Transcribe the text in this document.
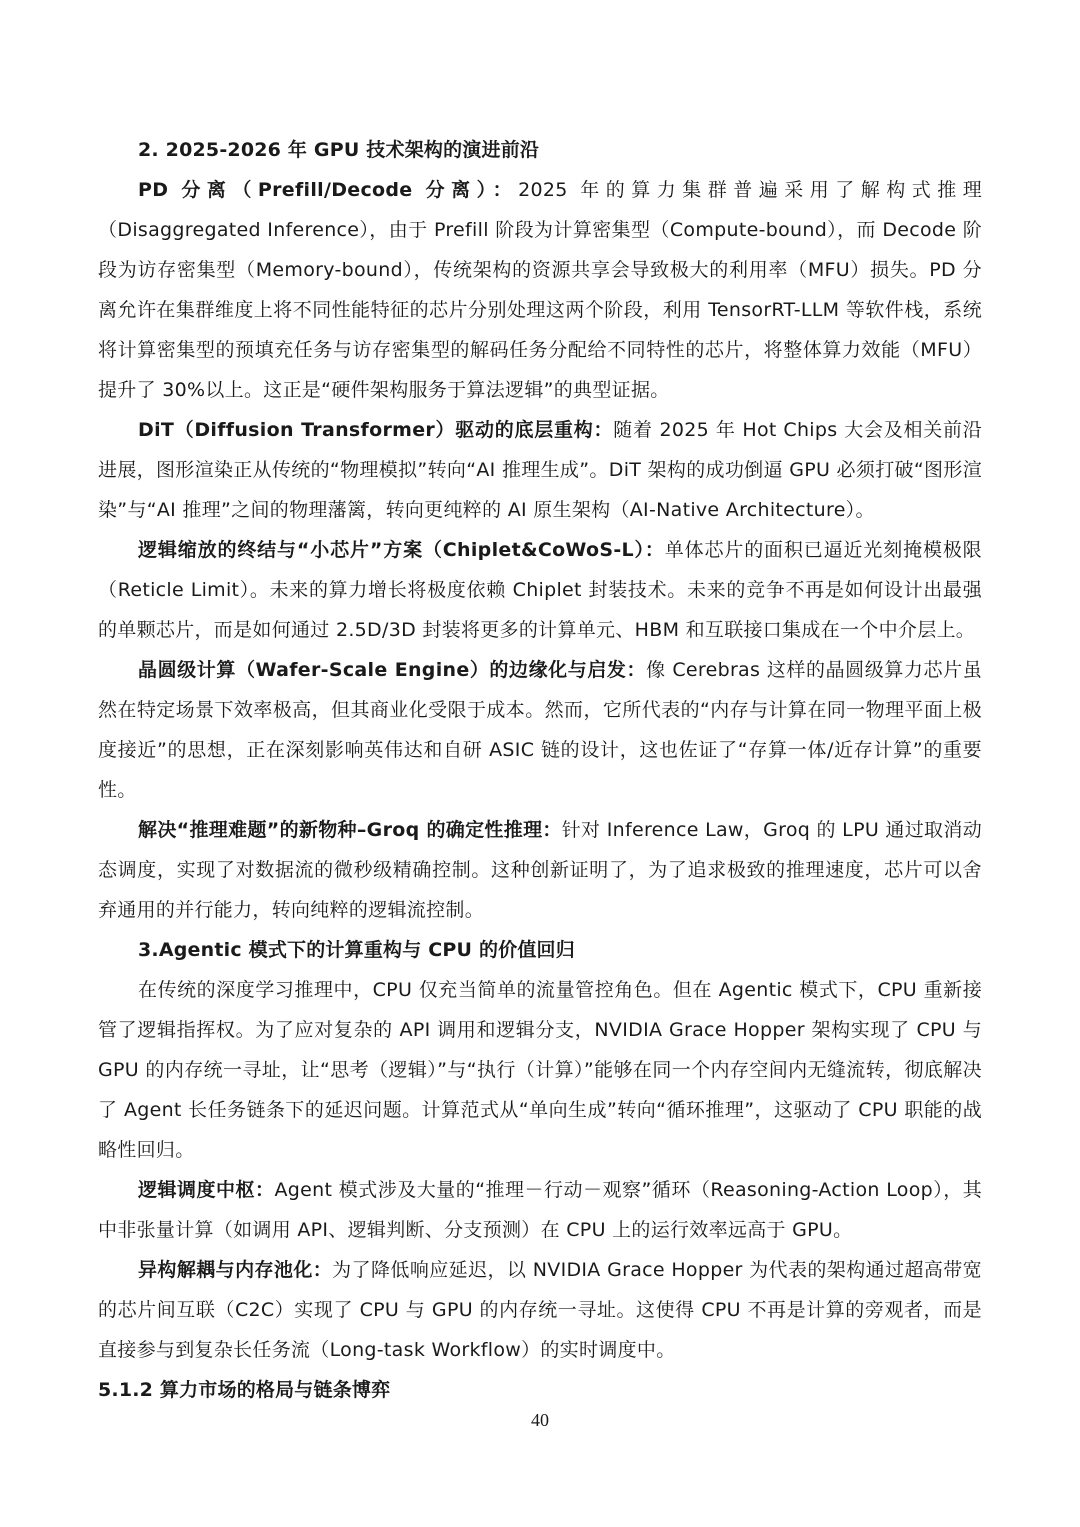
2. 2025-2026 年 GPU 技术架构的演进前沿

PD 分离（Prefill/Decode 分离）：2025 年的算力集群普遍采用了解构式推理（Disaggregated Inference），由于 Prefill 阶段为计算密集型（Compute-bound），而 Decode 阶段为访存密集型（Memory-bound），传统架构的资源共享会导致极大的利用率（MFU）损失。PD 分离允许在集群维度上将不同性能特征的芯片分别处理这两个阶段，利用 TensorRT-LLM 等软件栈，系统将计算密集型的预填充任务与访存密集型的解码任务分配给不同特性的芯片，将整体算力效能（MFU）提升了 30%以上。这正是“硬件架构服务于算法逻辑”的典型证据。

DiT（Diffusion Transformer）驱动的底层重构：随着 2025 年 Hot Chips 大会及相关前沿进展，图形渲染正从传统的“物理模拟”转向“AI 推理生成”。DiT 架构的成功倒逼 GPU 必须打破“图形渲染”与“AI 推理”之间的物理藩篱，转向更纯粹的 AI 原生架构（AI-Native Architecture）。

逻辑缩放的终结与“小芯片”方案（Chiplet&CoWoS-L）：单体芯片的面积已逼近光刻掩模极限（Reticle Limit）。未来的算力增长将极度依赖 Chiplet 封装技术。未来的竞争不再是如何设计出最强的单颗芯片，而是如何通过 2.5D/3D 封装将更多的计算单元、HBM 和互联接口集成在一个中介层上。

晶圆级计算（Wafer-Scale Engine）的边缘化与启发：像 Cerebras 这样的晶圆级算力芯片虽然在特定场景下效率极高，但其商业化受限于成本。然而，它所代表的“内存与计算在同一物理平面上极度接近”的思想，正在深刻影响英伟达和自研 ASIC 链的设计，这也佐证了“存算一体/近存计算”的重要性。

解决“推理难题”的新物种–Groq 的确定性推理：针对 Inference Law，Groq 的 LPU 通过取消动态调度，实现了对数据流的微秒级精确控制。这种创新证明了，为了追求极致的推理速度，芯片可以舍弃通用的并行能力，转向纯粹的逻辑流控制。

3.Agentic 模式下的计算重构与 CPU 的价值回归

在传统的深度学习推理中，CPU 仅充当简单的流量管控角色。但在 Agentic 模式下，CPU 重新接管了逻辑指挥权。为了应对复杂的 API 调用和逻辑分支，NVIDIA Grace Hopper 架构实现了 CPU 与 GPU 的内存统一寻址，让“思考（逻辑）”与“执行（计算）”能够在同一个内存空间内无缝流转，彻底解决了 Agent 长任务链条下的延迟问题。计算范式从“单向生成”转向“循环推理”，这驱动了 CPU 职能的战略性回归。

逻辑调度中枢：Agent 模式涉及大量的“推理－行动－观察”循环（Reasoning-Action Loop），其中非张量计算（如调用 API、逻辑判断、分支预测）在 CPU 上的运行效率远高于 GPU。

异构解耦与内存池化：为了降低响应延迟，以 NVIDIA Grace Hopper 为代表的架构通过超高带宽的芯片间互联（C2C）实现了 CPU 与 GPU 的内存统一寻址。这使得 CPU 不再是计算的旁观者，而是直接参与到复杂长任务流（Long-task Workflow）的实时调度中。

5.1.2 算力市场的格局与链条博弈

40
